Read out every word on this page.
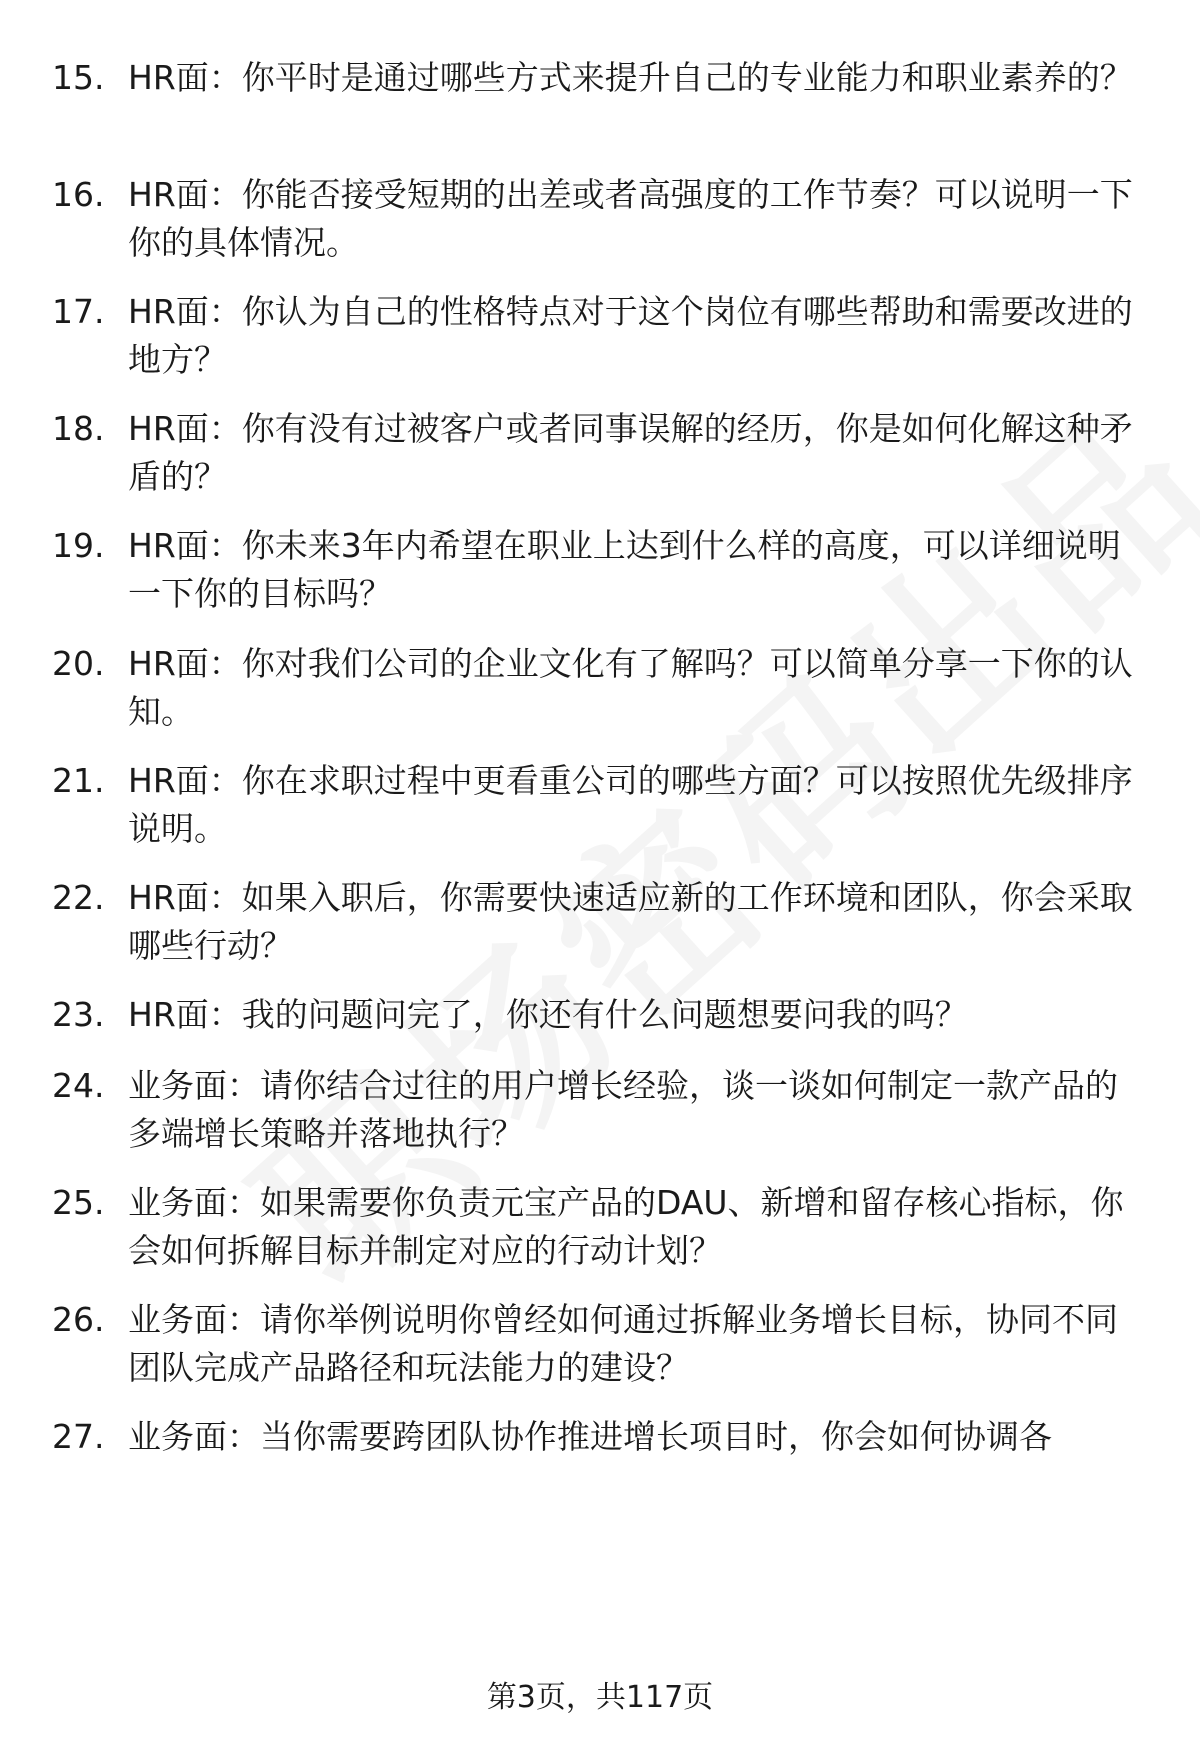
15. HR面：你平时是通过哪些方式来提升自己的专业能力和职业素养的？
16. HR面：你能否接受短期的出差或者高强度的工作节奏？可以说明一下你的具体情况。
17. HR面：你认为自己的性格特点对于这个岗位有哪些帮助和需要改进的地方？
18. HR面：你有没有过被客户或者同事误解的经历，你是如何化解这种矛盾的？
19. HR面：你未来3年内希望在职业上达到什么样的高度，可以详细说明一下你的目标吗？
20. HR面：你对我们公司的企业文化有了解吗？可以简单分享一下你的认知。
21. HR面：你在求职过程中更看重公司的哪些方面？可以按照优先级排序说明。
22. HR面：如果入职后，你需要快速适应新的工作环境和团队，你会采取哪些行动？
23. HR面：我的问题问完了，你还有什么问题想要问我的吗？
24. 业务面：请你结合过往的用户增长经验，谈一谈如何制定一款产品的多端增长策略并落地执行？
25. 业务面：如果需要你负责元宝产品的DAU、新增和留存核心指标，你会如何拆解目标并制定对应的行动计划？
26. 业务面：请你举例说明你曾经如何通过拆解业务增长目标，协同不同团队完成产品路径和玩法能力的建设？
27. 业务面：当你需要跨团队协作推进增长项目时，你会如何协调各
第3页，共117页
